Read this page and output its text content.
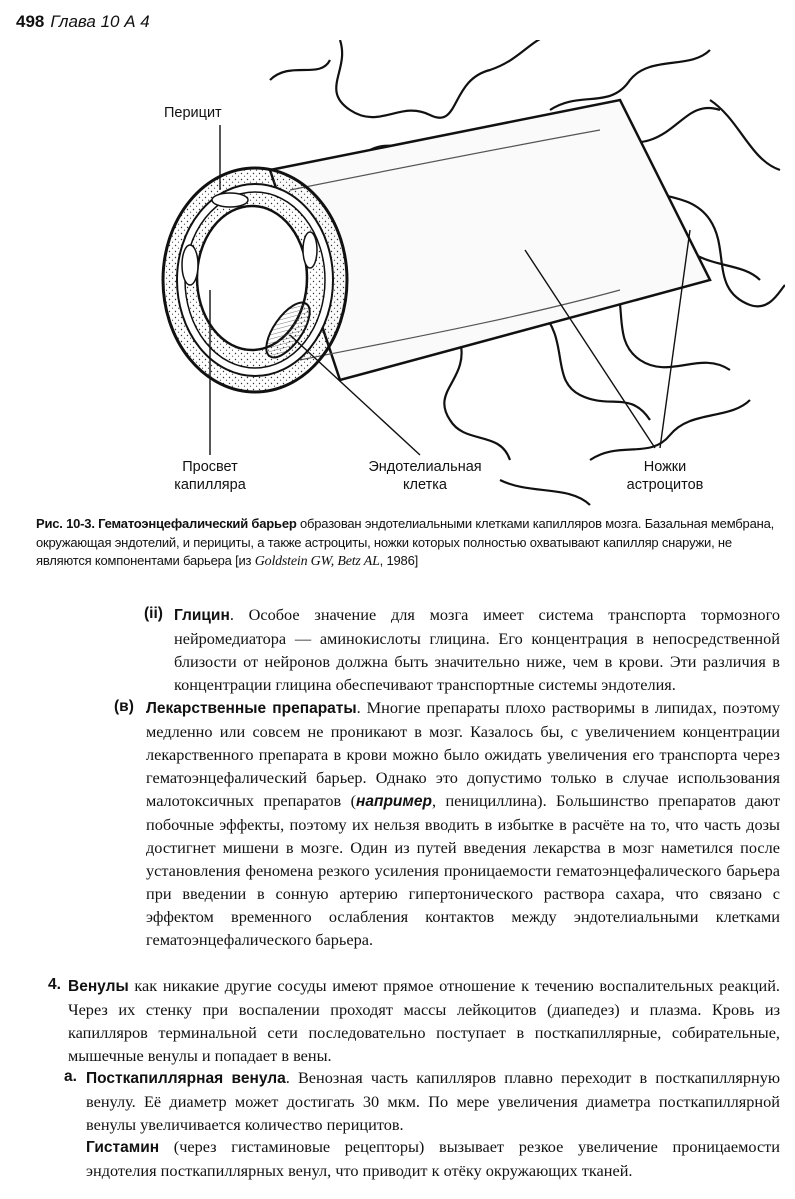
498 Глава 10 А 4
Перицит
Просвет
капилляра
Эндотелиальная
клетка
Ножки
астроцитов
Рис. 10-3. Гематоэнцефалический барьер образован эндотелиальными клетками капилляров мозга. Базальная мембрана, окружающая эндотелий, и перициты, а также астроциты, ножки которых полностью охватывают капилляр снаружи, не являются компонентами барьера [из Goldstein GW, Betz AL, 1986]
(ii) Глицин. Особое значение для мозга имеет система транспорта тормозного нейромедиатора — аминокислоты глицина. Его концентрация в непосредственной близости от нейронов должна быть значительно ниже, чем в крови. Эти различия в концентрации глицина обеспечивают транспортные системы эндотелия.
(в) Лекарственные препараты. Многие препараты плохо растворимы в липидах, поэтому медленно или совсем не проникают в мозг. Казалось бы, с увеличением концентрации лекарственного препарата в крови можно было ожидать увеличения его транспорта через гематоэнцефалический барьер. Однако это допустимо только в случае использования малотоксичных препаратов (например, пенициллина). Большинство препаратов дают побочные эффекты, поэтому их нельзя вводить в избытке в расчёте на то, что часть дозы достигнет мишени в мозге. Один из путей введения лекарства в мозг наметился после установления феномена резкого усиления проницаемости гематоэнцефалического барьера при введении в сонную артерию гипертонического раствора сахара, что связано с эффектом временного ослабления контактов между эндотелиальными клетками гематоэнцефалического барьера.
4. Венулы как никакие другие сосуды имеют прямое отношение к течению воспалительных реакций. Через их стенку при воспалении проходят массы лейкоцитов (диапедез) и плазма. Кровь из капилляров терминальной сети последовательно поступает в посткапиллярные, собирательные, мышечные венулы и попадает в вены.
а. Посткапиллярная венула. Венозная часть капилляров плавно переходит в посткапиллярную венулу. Её диаметр может достигать 30 мкм. По мере увеличения диаметра посткапиллярной венулы увеличивается количество перицитов.
Гистамин (через гистаминовые рецепторы) вызывает резкое увеличение проницаемости эндотелия посткапиллярных венул, что приводит к отёку окружающих тканей.
